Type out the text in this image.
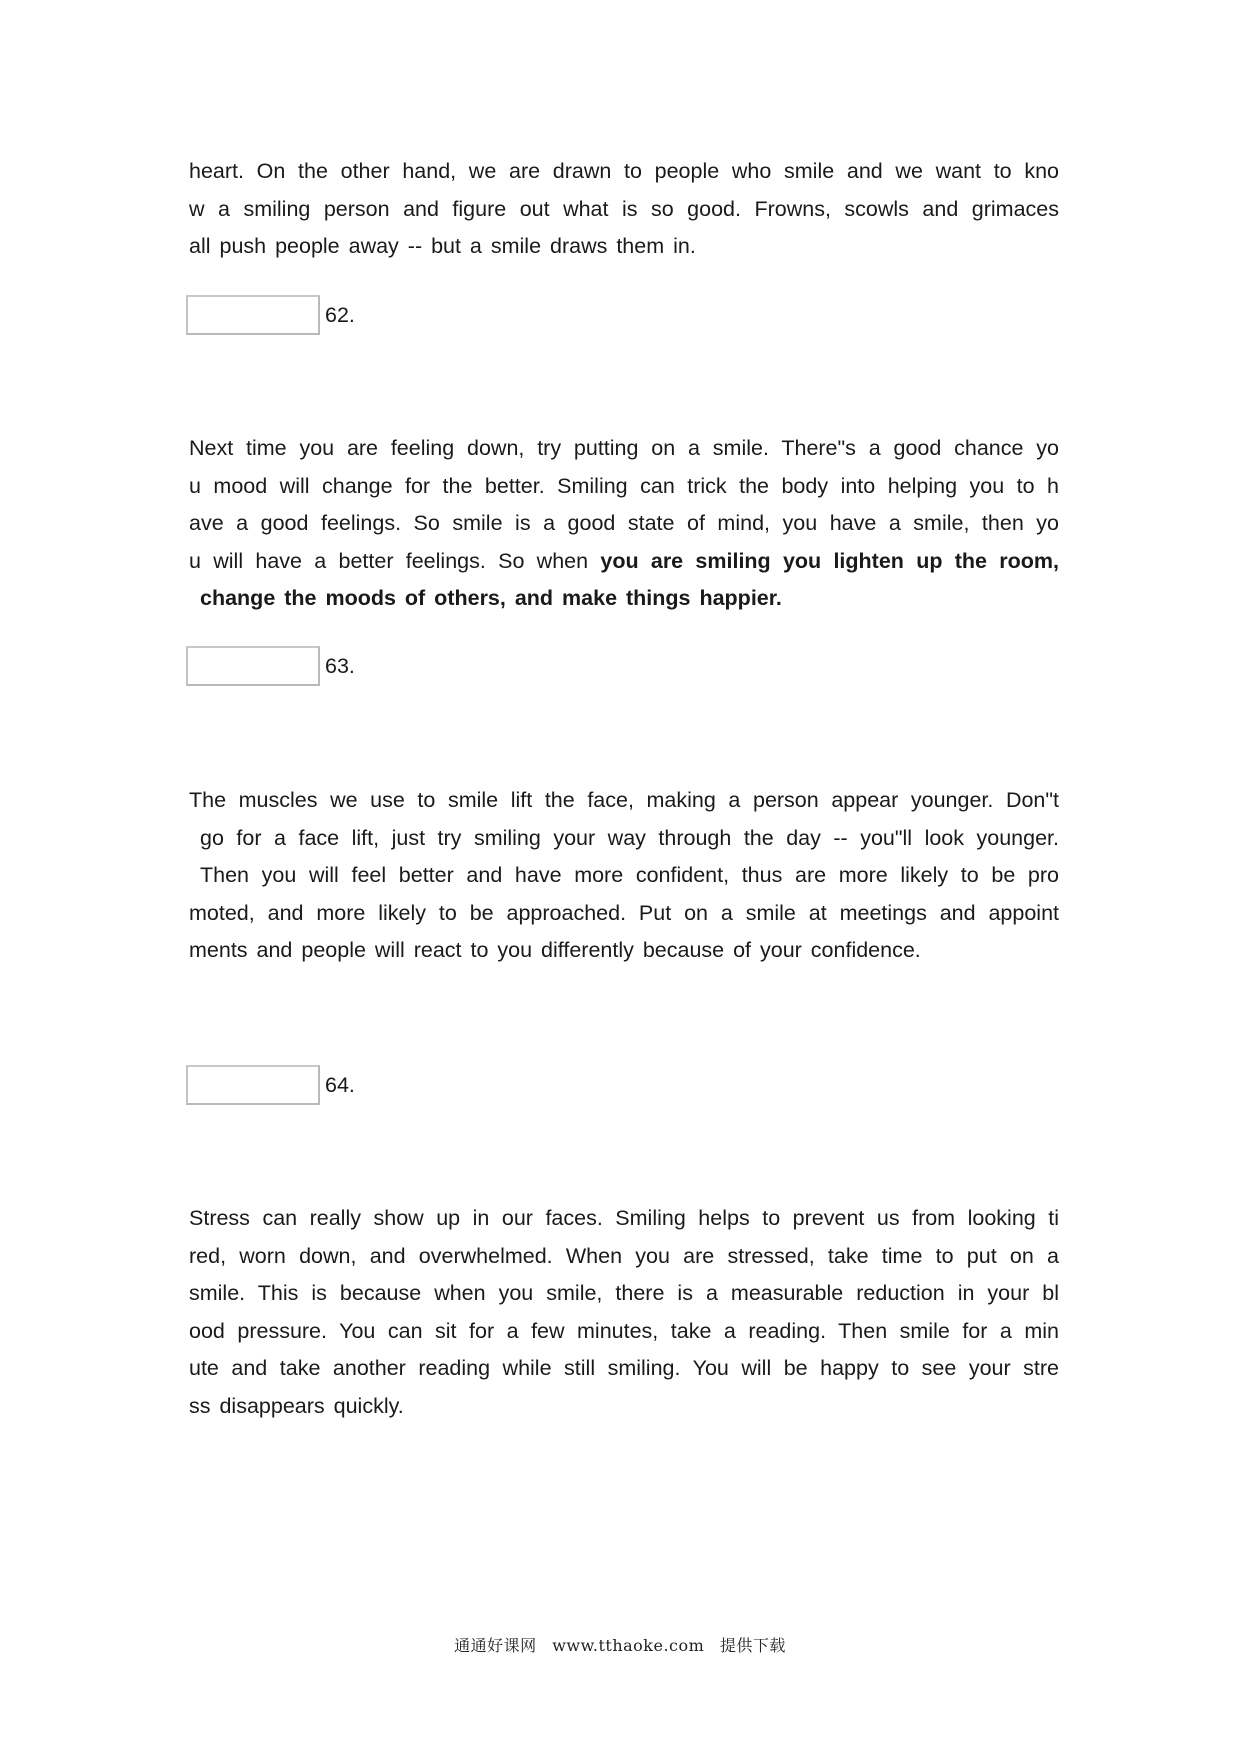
heart. On the other hand, we are drawn to people who smile and we want to kno
w a smiling person and figure out what is so good. Frowns, scowls and grimaces
all push people away -- but a smile draws them in.
62.
Next time you are feeling down, try putting on a smile. There"s a good chance yo
u mood will change for the better. Smiling can trick the body into helping you to h
ave a good feelings. So smile is a good state of mind, you have a smile, then yo
u will have a better feelings. So when you are smiling you lighten up the room,
change the moods of others, and make things happier.
63.
The muscles we use to smile lift the face, making a person appear younger. Don"t
go for a face lift, just try smiling your way through the day -- you"ll look younger.
Then you will feel better and have more confident, thus are more likely to be pro
moted, and more likely to be approached. Put on a smile at meetings and appoint
ments and people will react to you differently because of your confidence.
64.
Stress can really show up in our faces. Smiling helps to prevent us from looking ti
red, worn down, and overwhelmed. When you are stressed, take time to put on a
smile. This is because when you smile, there is a measurable reduction in your bl
ood pressure. You can sit for a few minutes, take a reading. Then smile for a min
ute and take another reading while still smiling. You will be happy to see your stre
ss disappears quickly.
通通好课网 www.tthaoke.com 提供下载
